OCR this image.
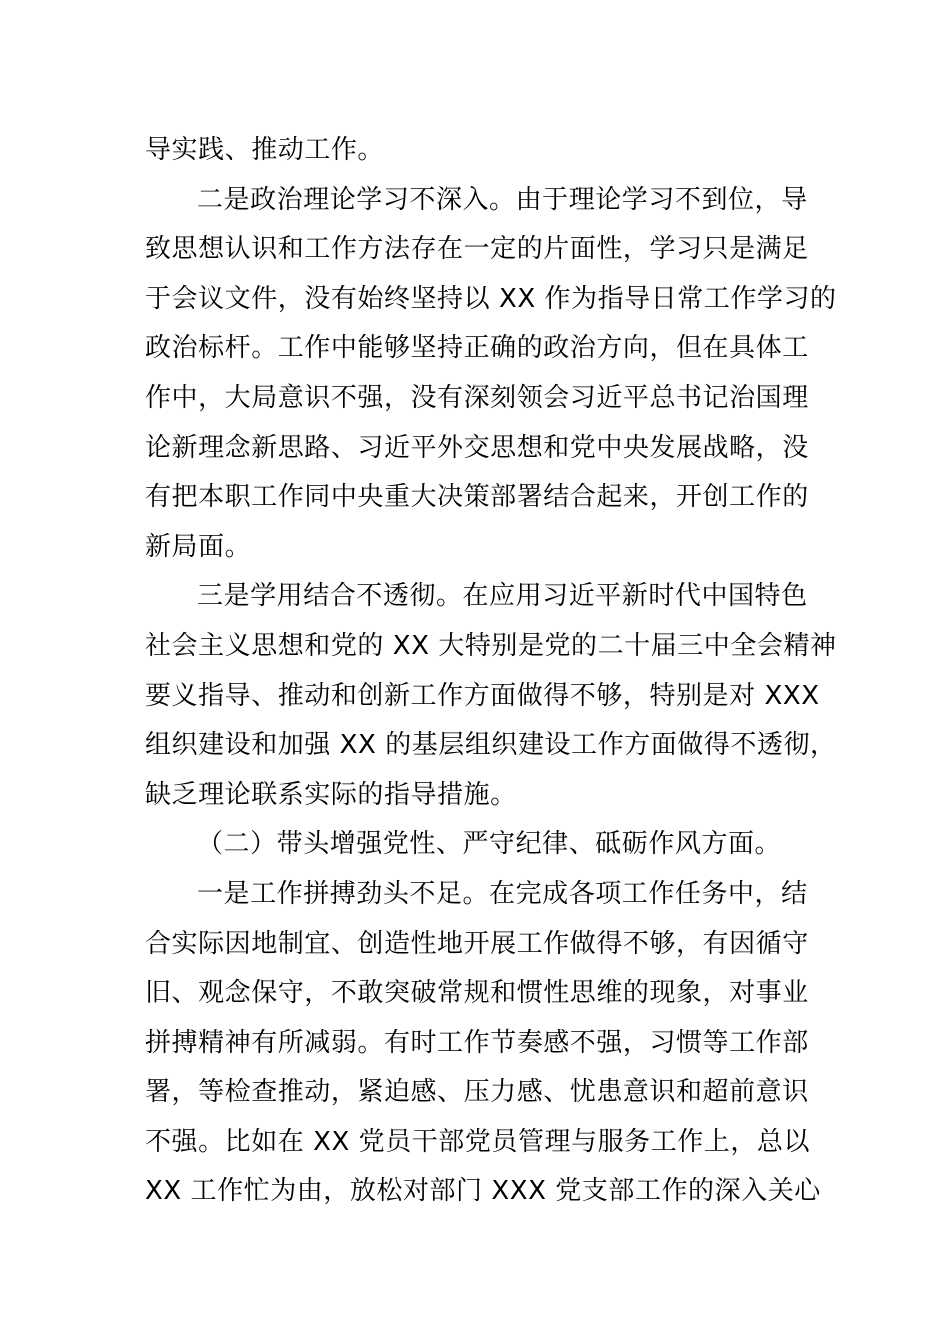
导实践、推动工作。
二是政治理论学习不深入。由于理论学习不到位，导
致思想认识和工作方法存在一定的片面性，学习只是满足
于会议文件，没有始终坚持以 XX 作为指导日常工作学习的
政治标杆。工作中能够坚持正确的政治方向，但在具体工
作中，大局意识不强，没有深刻领会习近平总书记治国理
论新理念新思路、习近平外交思想和党中央发展战略，没
有把本职工作同中央重大决策部署结合起来，开创工作的
新局面。
三是学用结合不透彻。在应用习近平新时代中国特色
社会主义思想和党的 XX 大特别是党的二十届三中全会精神
要义指导、推动和创新工作方面做得不够，特别是对 XXX
组织建设和加强 XX 的基层组织建设工作方面做得不透彻，
缺乏理论联系实际的指导措施。
（二）带头增强党性、严守纪律、砥砺作风方面。
一是工作拼搏劲头不足。在完成各项工作任务中，结
合实际因地制宜、创造性地开展工作做得不够，有因循守
旧、观念保守，不敢突破常规和惯性思维的现象，对事业
拼搏精神有所减弱。有时工作节奏感不强，习惯等工作部
署，等检查推动，紧迫感、压力感、忧患意识和超前意识
不强。比如在 XX 党员干部党员管理与服务工作上，总以
XX 工作忙为由，放松对部门 XXX 党支部工作的深入关心
